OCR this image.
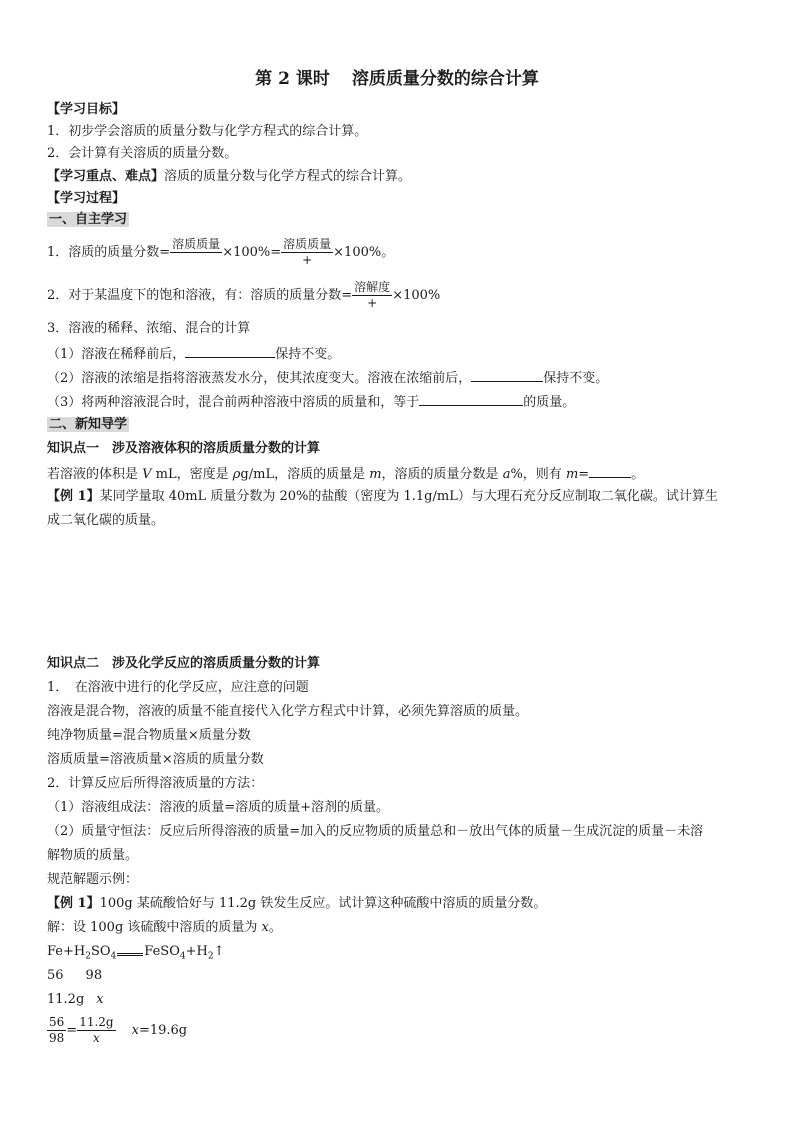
第 2 课时 溶质质量分数的综合计算
【学习目标】
1．初步学会溶质的质量分数与化学方程式的综合计算。
2．会计算有关溶质的质量分数。
【学习重点、难点】溶质的质量分数与化学方程式的综合计算。
【学习过程】
一、自主学习
1．溶质的质量分数=
溶质质量
$\times 100\%= \frac{\text{溶质质量}}{+} \times 100\%$。
2．对于某温度下的饱和溶液，有：溶质的质量分数= $\frac{\text{溶解度}}{+} \times 100\%$
3．溶液的稀释、浓缩、混合的计算
（1）溶液在稀释前后，	保持不变。
（2）溶液的浓缩是指将溶液蒸发水分，使其浓度变大。溶液在浓缩前后，	保持不变。
（3）将两种溶液混合时，混合前两种溶液中溶质的质量和，等于	的质量。
二、新知导学
知识点一　涉及溶液体积的溶质质量分数的计算
若溶液的体积是 V mL，密度是 ρg/mL，溶质的质量是 m，溶质的质量分数是 a%，则有 m=	。
【例 1】某同学量取 40mL 质量分数为 20%的盐酸（密度为 1.1g/mL）与大理石充分反应制取二氧化碳。试计算生
成二氧化碳的质量。
知识点二　涉及化学反应的溶质质量分数的计算
1．　在溶液中进行的化学反应，应注意的问题
溶液是混合物，溶液的质量不能直接代入化学方程式中计算，必须先算溶质的质量。
纯净物质量=混合物质量×质量分数
溶质质量=溶液质量×溶质的质量分数
2．计算反应后所得溶液质量的方法：
（1）溶液组成法：溶液的质量=溶质的质量+溶剂的质量。
（2）质量守恒法：反应后所得溶液的质量=加入的反应物质的质量总和－放出气体的质量－生成沉淀的质量－未溶
解物质的质量。
规范解题示例：
【例 1】100g 某硫酸恰好与 11.2g 铁发生反应。试计算这种硫酸中溶质的质量分数。
解：设 100g 该硫酸中溶质的质量为 x。
$Fe+H_2SO_4$ $FeSO_4+H_2↑$
56 98
11.2g x
$\frac{56}{98} = \frac{11.2g}{x} x=19.6g$
